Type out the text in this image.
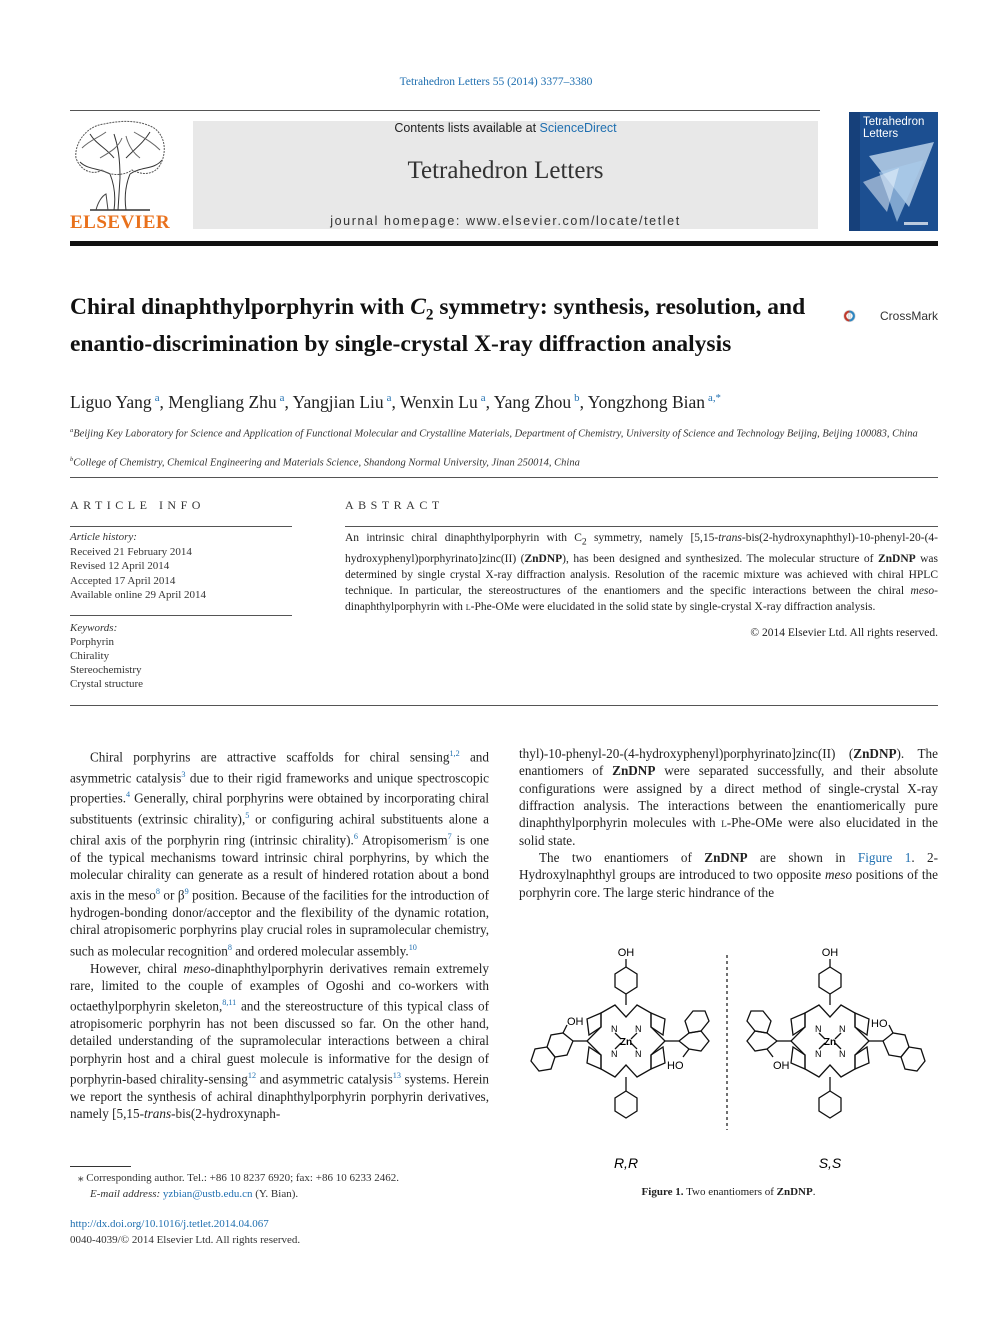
Tetrahedron Letters 55 (2014) 3377–3380
ELSEVIER
Contents lists available at ScienceDirect
Tetrahedron Letters
journal homepage: www.elsevier.com/locate/tetlet
Tetrahedron
Letters
Chiral dinaphthylporphyrin with $C_2$ symmetry: synthesis, resolution, and enantio-discrimination by single-crystal X-ray diffraction analysis
CrossMark
Liguo Yang $^a$, Mengliang Zhu $^a$, Yangjian Liu $^a$, Wenxin Lu $^a$, Yang Zhou $^b$, Yongzhong Bian $^{a,*}$
$^a$Beijing Key Laboratory for Science and Application of Functional Molecular and Crystalline Materials, Department of Chemistry, University of Science and Technology Beijing, Beijing 100083, China
$^b$College of Chemistry, Chemical Engineering and Materials Science, Shandong Normal University, Jinan 250014, China
ARTICLE INFO	ABSTRACT
Article history:
Received 21 February 2014
Revised 12 April 2014
Accepted 17 April 2014
Available online 29 April 2014
Keywords:
Porphyrin
Chirality
Stereochemistry
Crystal structure
An intrinsic chiral dinaphthylporphyrin with $C_2$ symmetry, namely [5,15-trans-bis(2-hydroxynaphthyl)-10-phenyl-20-(4-hydroxyphenyl)porphyrinato]zinc(II) (ZnDNP), has been designed and synthesized. The molecular structure of ZnDNP was determined by single crystal X-ray diffraction analysis. Resolution of the racemic mixture was achieved with chiral HPLC technique. In particular, the stereostructures of the enantiomers and the specific interactions between the chiral meso-dinaphthylporphyrin with l-Phe-OMe were elucidated in the solid state by single-crystal X-ray diffraction analysis.
© 2014 Elsevier Ltd. All rights reserved.

Chiral porphyrins are attractive scaffolds for chiral sensing$^{1,2}$ and asymmetric catalysis$^3$ due to their rigid frameworks and unique spectroscopic properties.$^4$ Generally, chiral porphyrins were obtained by incorporating chiral substituents (extrinsic chirality),$^5$ or configuring achiral substituents alone a chiral axis of the porphyrin ring (intrinsic chirality).$^6$ Atropisomerism$^7$ is one of the typical mechanisms toward intrinsic chiral porphyrins, by which the molecular chirality can generate as a result of hindered rotation about a bond axis in the meso$^8$ or $\beta^9$ position. Because of the facilities for the introduction of hydrogen-bonding donor/acceptor and the flexibility of the dynamic rotation, chiral atropisomeric porphyrins play crucial roles in supramolecular chemistry, such as molecular recognition$^8$ and ordered molecular assembly.$^{10}$

However, chiral meso-dinaphthylporphyrin derivatives remain extremely rare, limited to the couple of examples of Ogoshi and co-workers with octaethylporphyrin skeleton,$^{8,11}$ and the stereostructure of this typical class of atropisomeric porphyrin has not been discussed so far. On the other hand, detailed understanding of the supramolecular interactions between a chiral porphyrin host and a chiral guest molecule is informative for the design of porphyrin-based chirality-sensing$^{12}$ and asymmetric catalysis$^{13}$ systems. Herein we report the synthesis of achiral dinaphthylporphyrin porphyrin derivatives, namely [5,15-trans-bis(2-hydroxynaph-

thyl)-10-phenyl-20-(4-hydroxyphenyl)porphyrinato]zinc(II) (ZnDNP). The enantiomers of ZnDNP were separated successfully, and their absolute configurations were assigned by a direct method of single-crystal X-ray diffraction analysis. The interactions between the enantiomerically pure dinaphthylporphyrin molecules with l-Phe-OMe were also elucidated in the solid state.

The two enantiomers of ZnDNP are shown in Figure 1. 2-Hydroxylnaphthyl groups are introduced to two opposite meso positions of the porphyrin core. The large steric hindrance of the

OH
OH
HO
Zn
N N
N N
OH
OH
HO
Zn
N N
N N
R,R	S,S
Figure 1. Two enantiomers of ZnDNP.
⁎ Corresponding author. Tel.: +86 10 8237 6920; fax: +86 10 6233 2462.
E-mail address: yzbian@ustb.edu.cn (Y. Bian).
http://dx.doi.org/10.1016/j.tetlet.2014.04.067
0040-4039/© 2014 Elsevier Ltd. All rights reserved.
